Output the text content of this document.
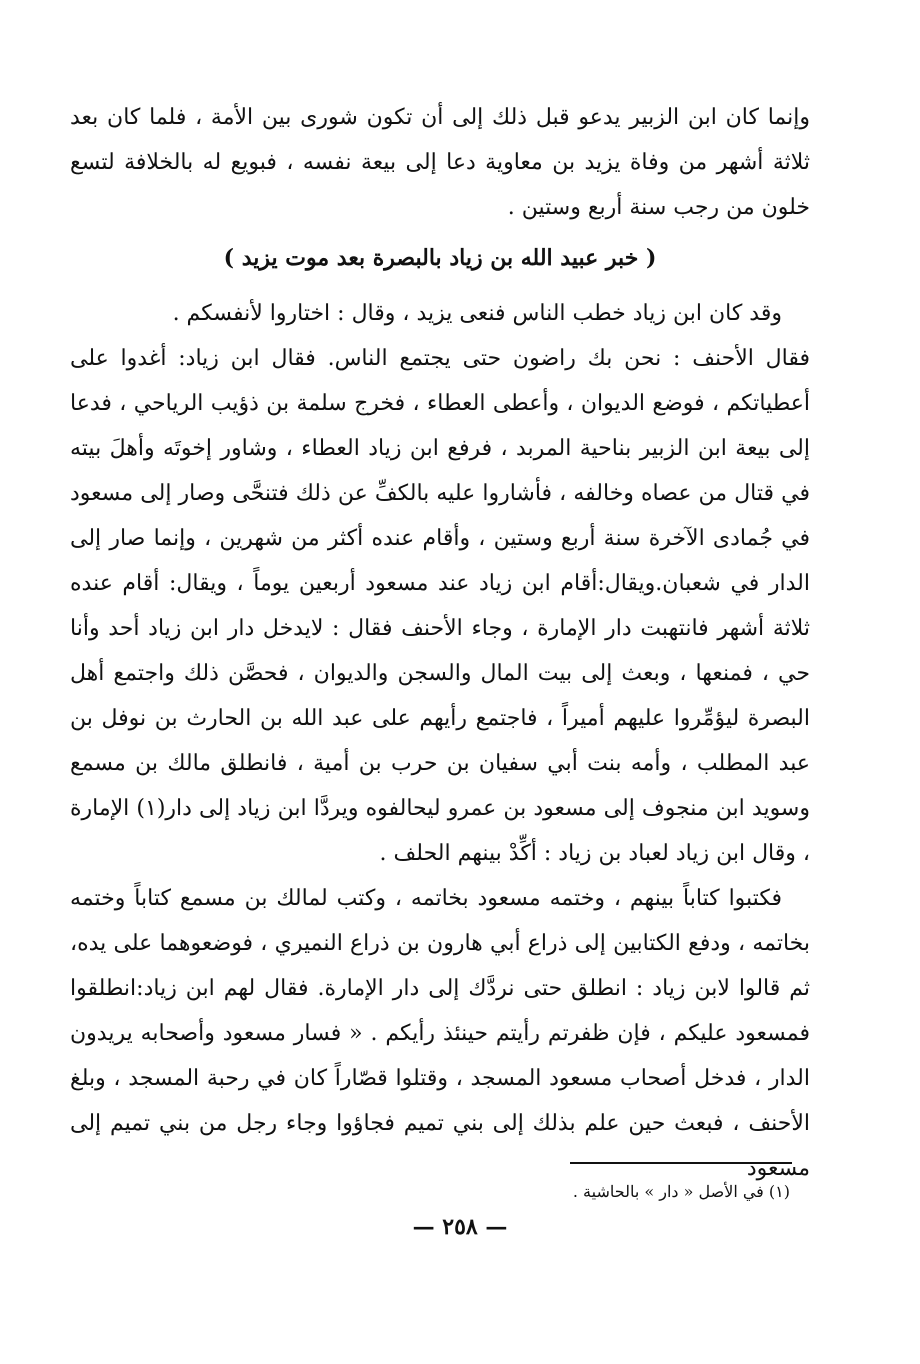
وإنما كان ابن الزبير يدعو قبل ذلك إلى أن تكون شورى بين الأمة ، فلما كان بعد ثلاثة أشهر من وفاة يزيد بن معاوية دعا إلى بيعة نفسه ، فبويع له بالخلافة لتسع خلون من رجب سنة أربع وستين .

( خبر عبيد الله بن زياد بالبصرة بعد موت يزيد )

وقد كان ابن زياد خطب الناس فنعى يزيد ، وقال : اختاروا لأنفسكم .

فقال الأحنف : نحن بك راضون حتى يجتمع الناس. فقال ابن زياد: أغدوا على أعطياتكم ، فوضع الديوان ، وأعطى العطاء ، فخرج سلمة بن ذؤيب الرياحي ، فدعا إلى بيعة ابن الزبير بناحية المربد ، فرفع ابن زياد العطاء ، وشاور إخوتَه وأهلَ بيته في قتال من عصاه وخالفه ، فأشاروا عليه بالكفِّ عن ذلك فتنحَّى وصار إلى مسعود في جُمادى الآخرة سنة أربع وستين ، وأقام عنده أكثر من شهرين ، وإنما صار إلى الدار في شعبان.ويقال:أقام ابن زياد عند مسعود أربعين يوماً ، ويقال: أقام عنده ثلاثة أشهر فانتهبت دار الإمارة ، وجاء الأحنف فقال : لايدخل دار ابن زياد أحد وأنا حي ، فمنعها ، وبعث إلى بيت المال والسجن والديوان ، فحصَّن ذلك واجتمع أهل البصرة ليؤمِّروا عليهم أميراً ، فاجتمع رأيهم على عبد الله بن الحارث بن نوفل بن عبد المطلب ، وأمه بنت أبي سفيان بن حرب بن أمية ، فانطلق مالك بن مسمع وسويد ابن منجوف إلى مسعود بن عمرو ليحالفوه ويردَّا ابن زياد إلى دار(١) الإمارة ، وقال ابن زياد لعباد بن زياد : أكِّدْ بينهم الحلف .

فكتبوا كتاباً بينهم ، وختمه مسعود بخاتمه ، وكتب لمالك بن مسمع كتاباً وختمه بخاتمه ، ودفع الكتابين إلى ذراع أبي هارون بن ذراع النميري ، فوضعوهما على يده، ثم قالوا لابن زياد : انطلق حتى نردَّك إلى دار الإمارة. فقال لهم ابن زياد:انطلقوا فمسعود عليكم ، فإن ظفرتم رأيتم حينئذ رأيكم . « فسار مسعود وأصحابه يريدون الدار ، فدخل أصحاب مسعود المسجد ، وقتلوا قصّاراً كان في رحبة المسجد ، وبلغ الأحنف ، فبعث حين علم بذلك إلى بني تميم فجاؤوا وجاء رجل من بني تميم إلى مسعود

(١) في الأصل « دار » بالحاشية .
— ٢٥٨ —
